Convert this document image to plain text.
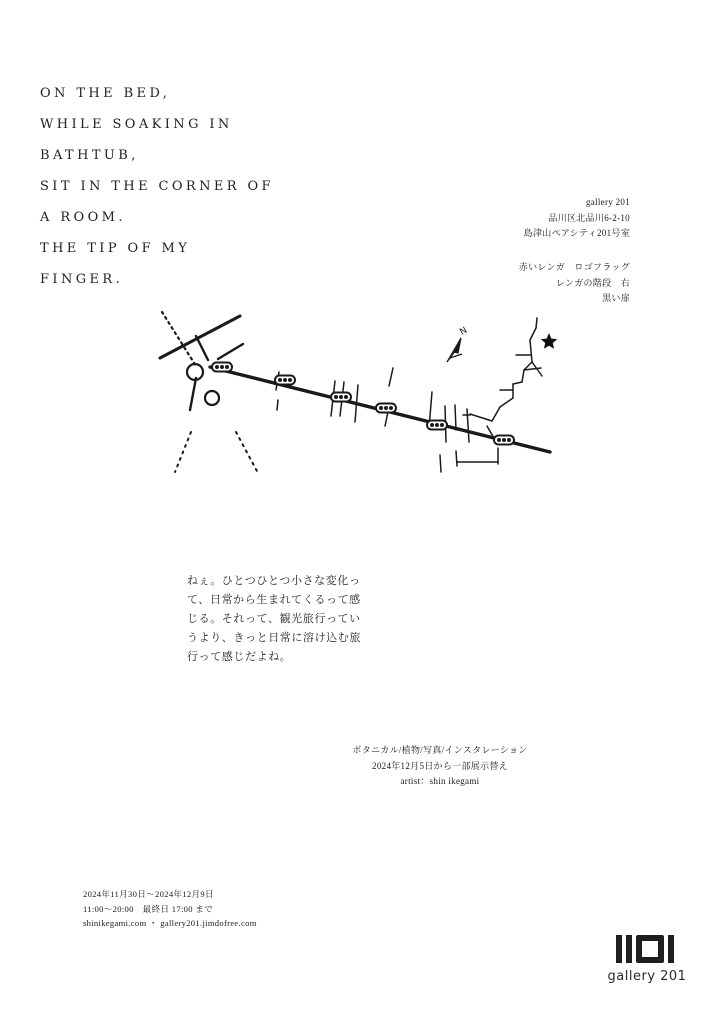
ON THE BED,
WHILE SOAKING IN
BATHTUB,
SIT IN THE CORNER OF
A ROOM.
THE TIP OF MY
FINGER.
gallery 201
品川区北品川6-2-10
島津山ペアシティ201号室
赤いレンガ　ロゴフラッグ
レンガの階段　右
黒い扉
N

ねぇ。ひとつひとつ小さな変化って、日常から生まれてくるって感じる。それって、観光旅行っていうより、きっと日常に溶け込む旅行って感じだよね。

ボタニカル/植物/写真/インスタレーション
2024年12月5日から一部展示替え
artist：shin ikegami
2024年11月30日～2024年12月9日
11:00～20:00　最終日 17:00 まで
shinikegami.com ・ gallery201.jimdofree.com
gallery 201
